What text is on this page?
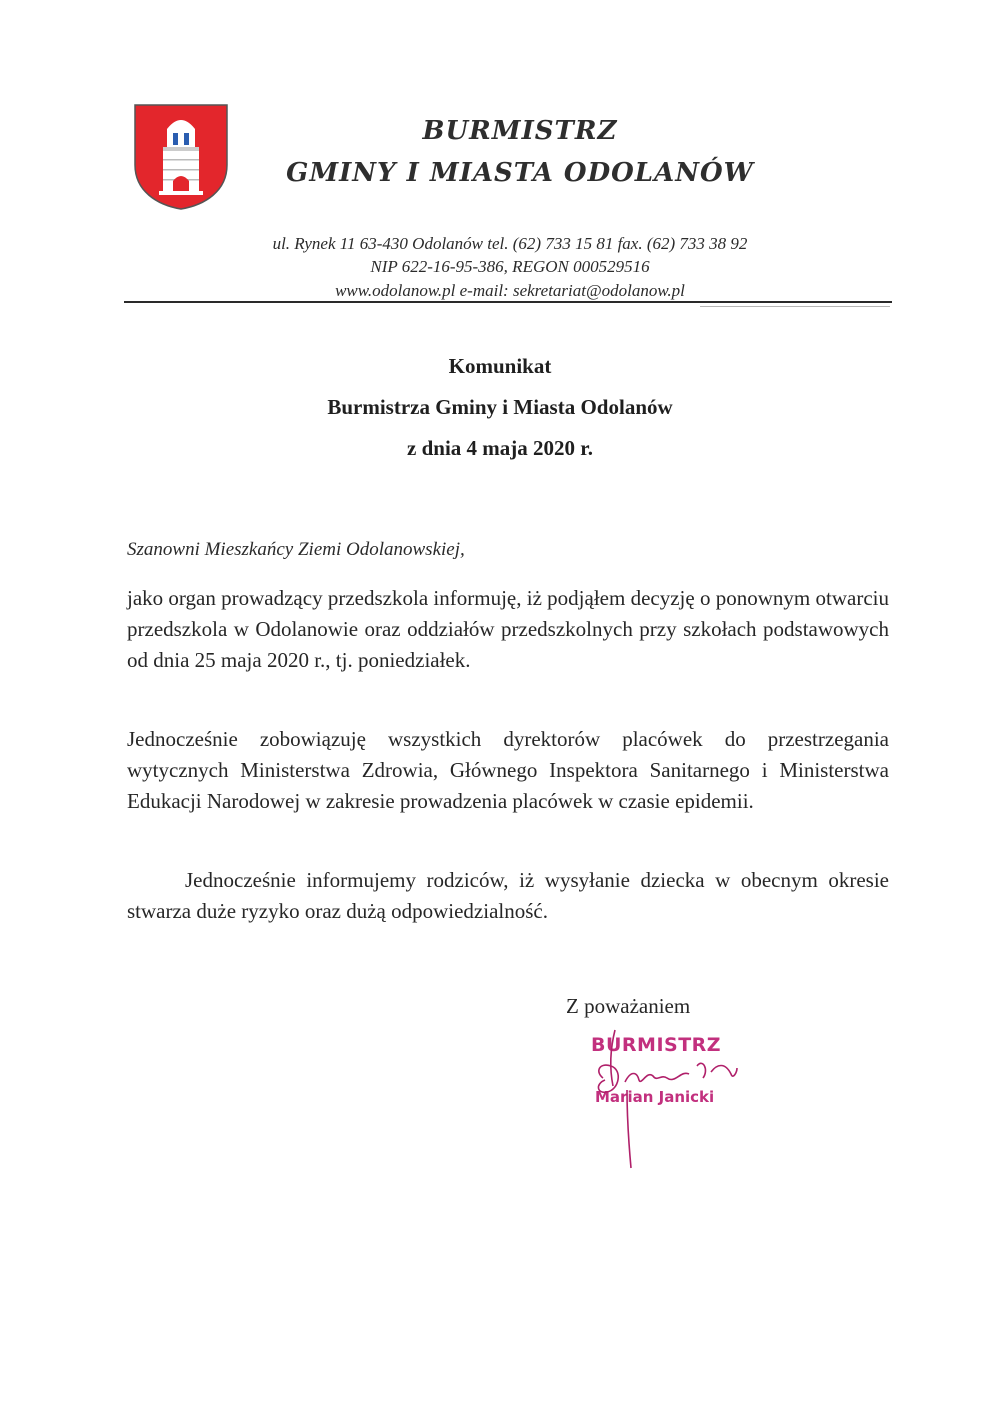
BURMISTRZ
GMINY I MIASTA ODOLANÓW
ul. Rynek 11 63-430 Odolanów tel. (62) 733 15 81 fax. (62) 733 38 92
NIP 622-16-95-386, REGON 000529516
www.odolanow.pl e-mail: sekretariat@odolanow.pl
Komunikat
Burmistrza Gminy i Miasta Odolanów
z dnia 4 maja 2020 r.
Szanowni Mieszkańcy Ziemi Odolanowskiej,
jako organ prowadzący przedszkola informuję, iż podjąłem decyzję o ponownym otwarciu przedszkola w Odolanowie oraz oddziałów przedszkolnych przy szkołach podstawowych od dnia 25 maja 2020 r., tj. poniedziałek.
Jednocześnie zobowiązuję wszystkich dyrektorów placówek do przestrzegania wytycznych Ministerstwa Zdrowia, Głównego Inspektora Sanitarnego i Ministerstwa Edukacji Narodowej w zakresie prowadzenia placówek w czasie epidemii.
Jednocześnie informujemy rodziców, iż wysyłanie dziecka w obecnym okresie stwarza duże ryzyko oraz dużą odpowiedzialność.
Z poważaniem
BURMISTRZ
Marian Janicki
